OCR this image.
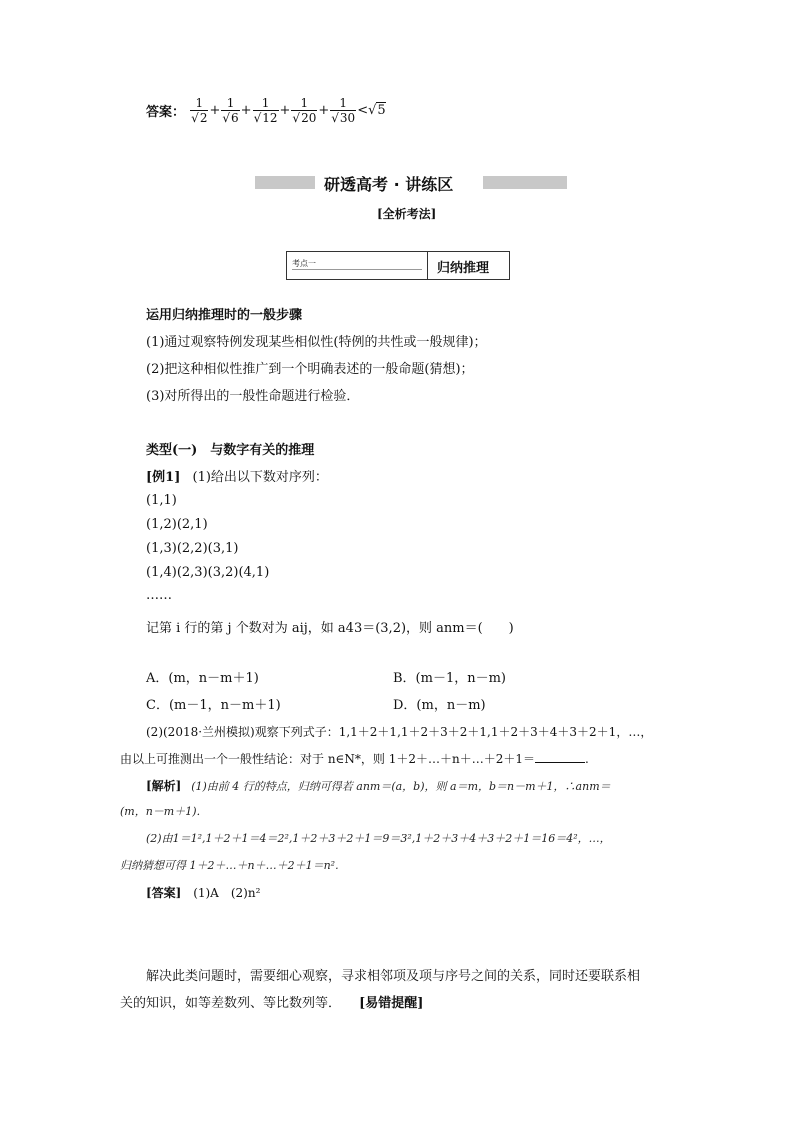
答案： $\frac{1}{√2} + \frac{1}{√6} + \frac{1}{√12} + \frac{1}{√20} + \frac{1}{√30} <√5$
研透高考 · 讲练区
[全析考法]
考点一	归纳推理
运用归纳推理时的一般步骤
(1)通过观察特例发现某些相似性(特例的共性或一般规律)；
(2)把这种相似性推广到一个明确表述的一般命题(猜想)；
(3)对所得出的一般性命题进行检验．
类型(一)　与数字有关的推理
[例1] (1)给出以下数对序列：
(1,1)
(1,2)(2,1)
(1,3)(2,2)(3,1)
(1,4)(2,3)(3,2)(4,1)
……
记第 i 行的第 j 个数对为 aij，如 a43＝(3,2)，则 anm＝(　　)
A．(m，n－m＋1)	B．(m－1，n－m)
C．(m－1，n－m＋1)	D．(m，n－m)
(2)(2018·兰州模拟)观察下列式子：1,1＋2＋1,1＋2＋3＋2＋1,1＋2＋3＋4＋3＋2＋1，…，
由以上可推测出一个一般性结论：对于 n∈N*，则 1＋2＋…＋n＋…＋2＋1＝	.
[解析] (1)由前 4 行的特点，归纳可得若 anm＝(a，b)，则 a＝m，b＝n－m＋1，∴anm＝
(m，n－m＋1)．
(2)由1＝1²,1＋2＋1＝4＝2²,1＋2＋3＋2＋1＝9＝3²,1＋2＋3＋4＋3＋2＋1＝16＝4²，…，
归纳猜想可得 1＋2＋…＋n＋…＋2＋1＝n².
[答案] (1)A　(2)n²
解决此类问题时，需要细心观察，寻求相邻项及项与序号之间的关系，同时还要联系相
关的知识，如等差数列、等比数列等． [易错提醒]
